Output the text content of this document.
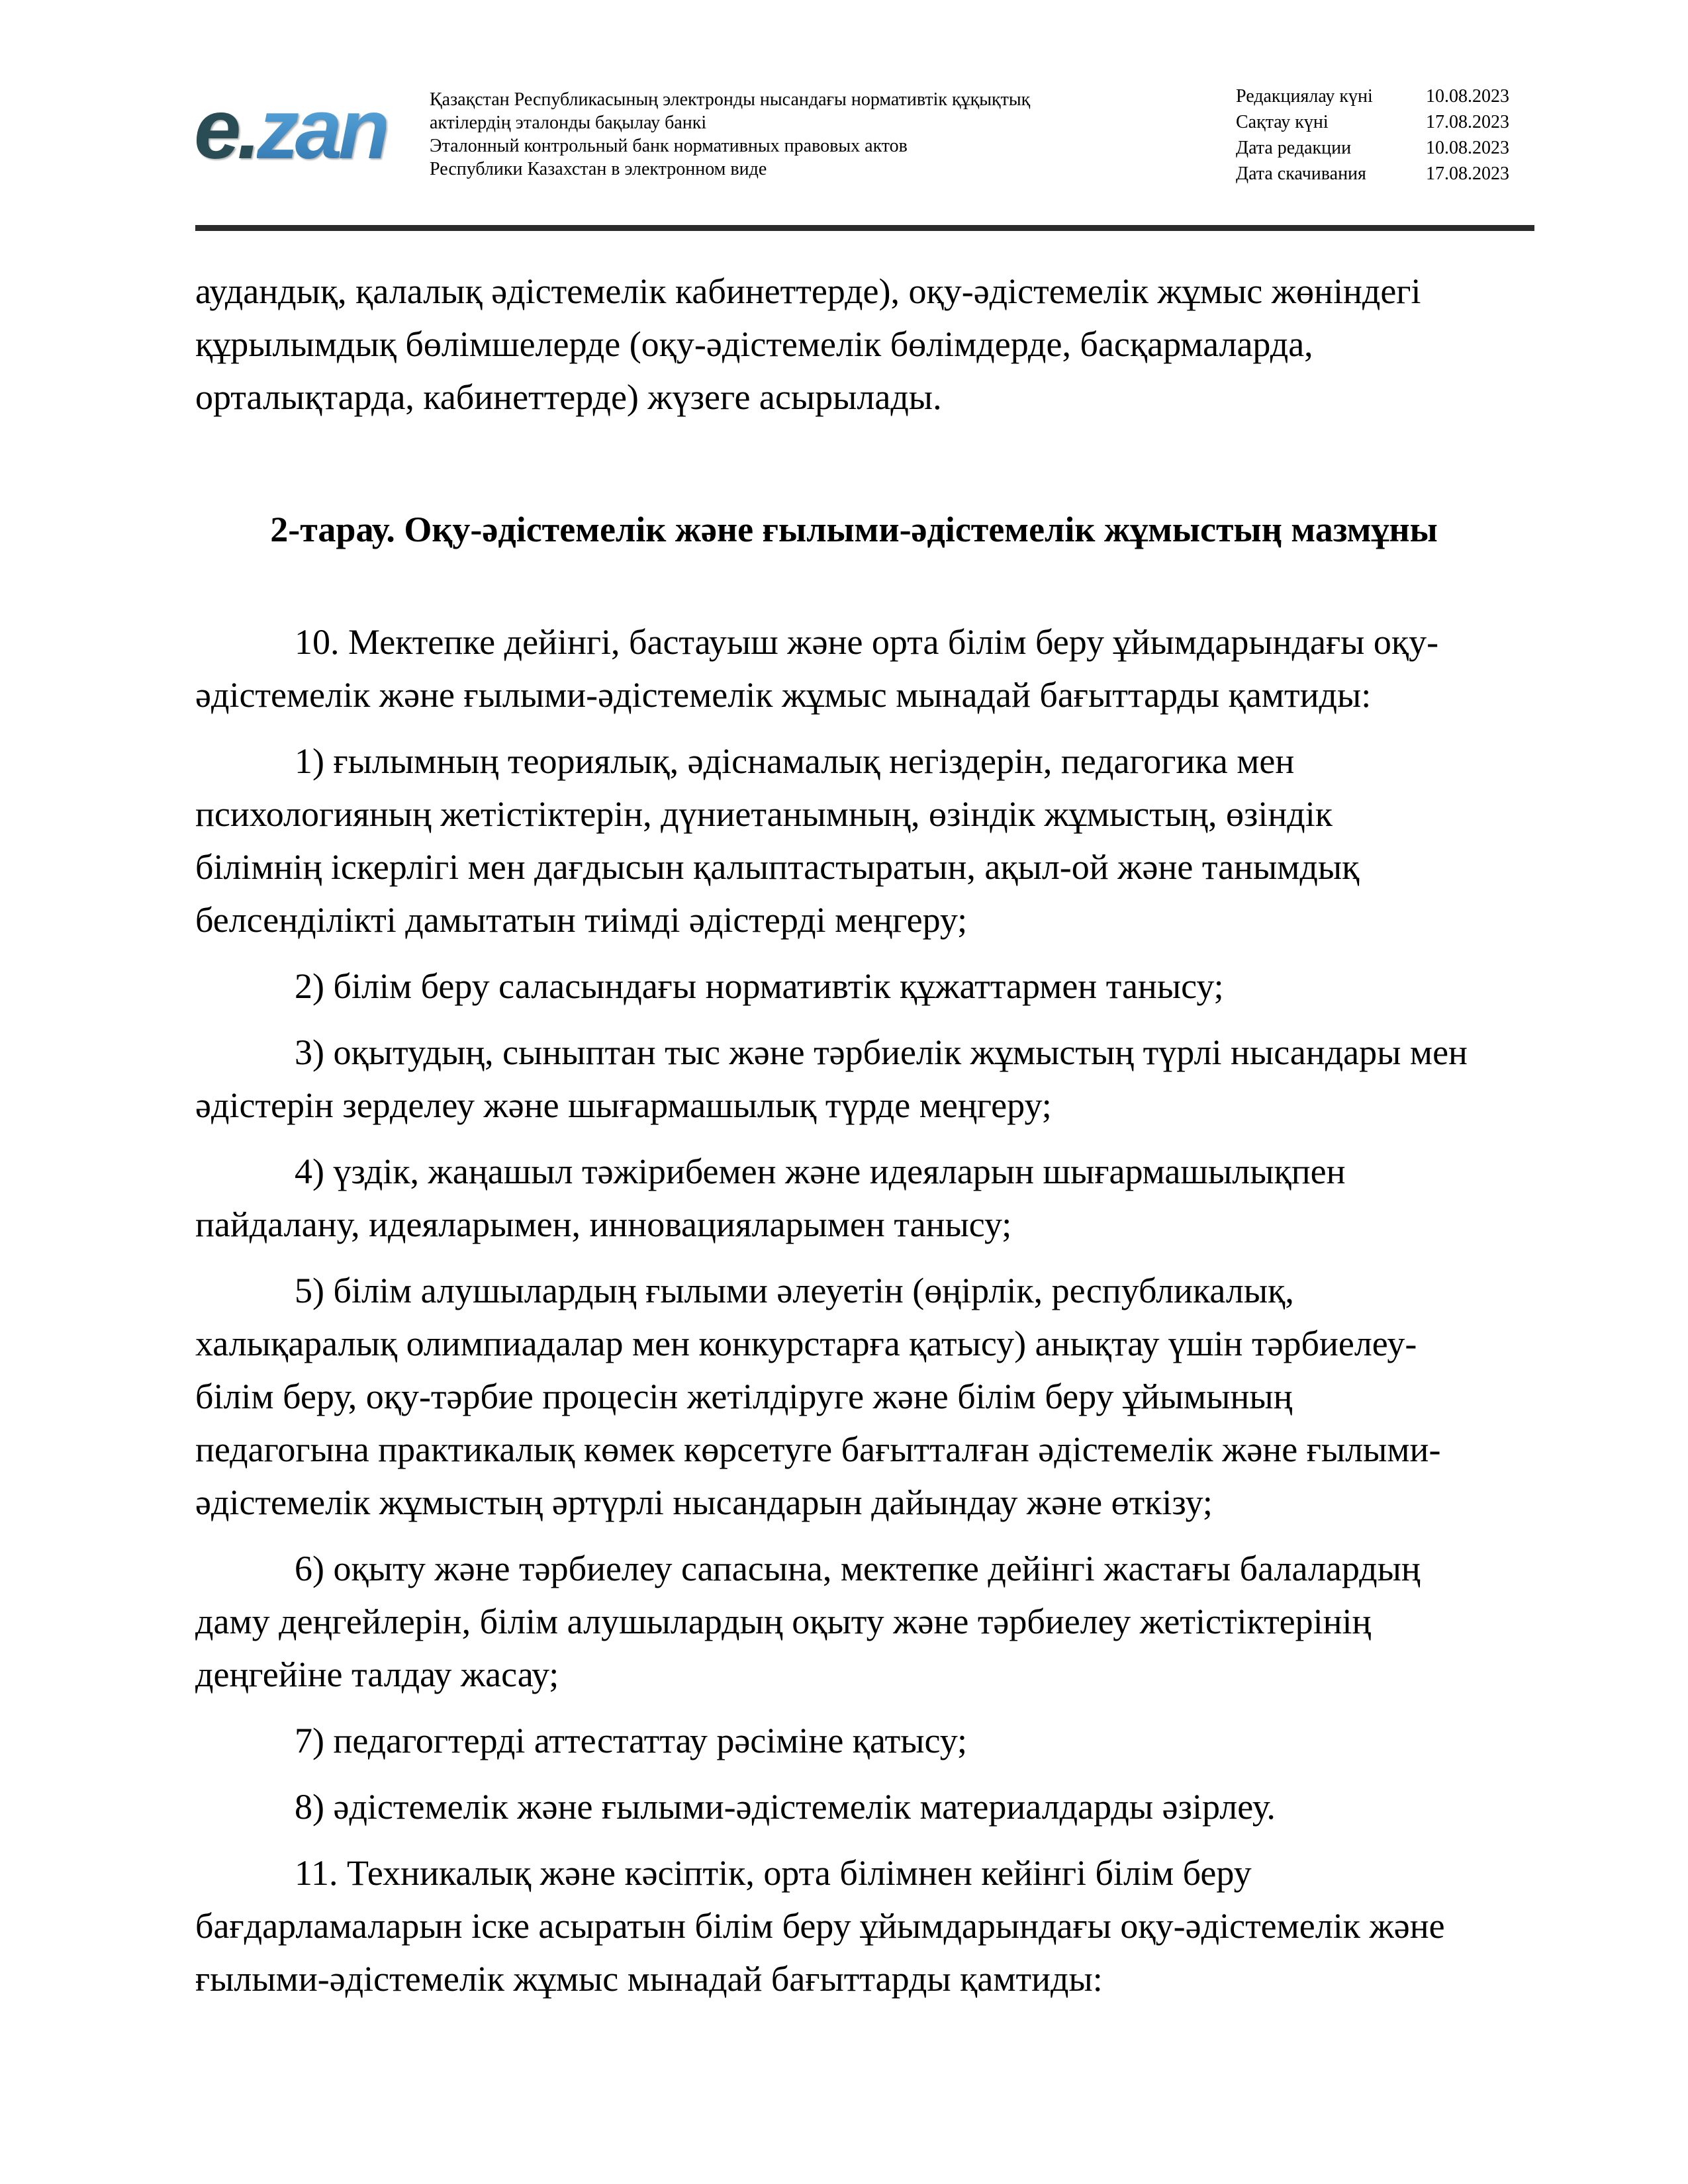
e.zan Қазақстан Республикасының электронды нысандағы нормативтік құқықтық
актілердің эталонды бақылау банкі
Эталонный контрольный банк нормативных правовых актов
Республики Казахстан в электронном виде
Редакциялау күні	10.08.2023
Сақтау күні	17.08.2023
Дата редакции	10.08.2023
Дата скачивания	17.08.2023
аудандық, қалалық әдістемелік кабинеттерде), оқу-әдістемелік жұмыс жөніндегі
құрылымдық бөлімшелерде (оқу-әдістемелік бөлімдерде, басқармаларда,
орталықтарда, кабинеттерде) жүзеге асырылады.
2-тарау. Оқу-әдістемелік және ғылыми-әдістемелік жұмыстың мазмұны
10. Мектепке дейінгі, бастауыш және орта білім беру ұйымдарындағы оқу-
әдістемелік және ғылыми-әдістемелік жұмыс мынадай бағыттарды қамтиды:
1) ғылымның теориялық, әдіснамалық негіздерін, педагогика мен
психологияның жетістіктерін, дүниетанымның, өзіндік жұмыстың, өзіндік
білімнің іскерлігі мен дағдысын қалыптастыратын, ақыл-ой және танымдық
белсенділікті дамытатын тиімді әдістерді меңгеру;
2) білім беру саласындағы нормативтік құжаттармен танысу;
3) оқытудың, сыныптан тыс және тәрбиелік жұмыстың түрлі нысандары мен
әдістерін зерделеу және шығармашылық түрде меңгеру;
4) үздік, жаңашыл тәжірибемен және идеяларын шығармашылықпен
пайдалану, идеяларымен, инновацияларымен танысу;
5) білім алушылардың ғылыми әлеуетін (өңірлік, республикалық,
халықаралық олимпиадалар мен конкурстарға қатысу) анықтау үшін тәрбиелеу-
білім беру, оқу-тәрбие процесін жетілдіруге және білім беру ұйымының
педагогына практикалық көмек көрсетуге бағытталған әдістемелік және ғылыми-
әдістемелік жұмыстың әртүрлі нысандарын дайындау және өткізу;
6) оқыту және тәрбиелеу сапасына, мектепке дейінгі жастағы балалардың
даму деңгейлерін, білім алушылардың оқыту және тәрбиелеу жетістіктерінің
деңгейіне талдау жасау;
7) педагогтерді аттестаттау рәсіміне қатысу;
8) әдістемелік және ғылыми-әдістемелік материалдарды әзірлеу.
11. Техникалық және кәсіптік, орта білімнен кейінгі білім беру
бағдарламаларын іске асыратын білім беру ұйымдарындағы оқу-әдістемелік және
ғылыми-әдістемелік жұмыс мынадай бағыттарды қамтиды:
